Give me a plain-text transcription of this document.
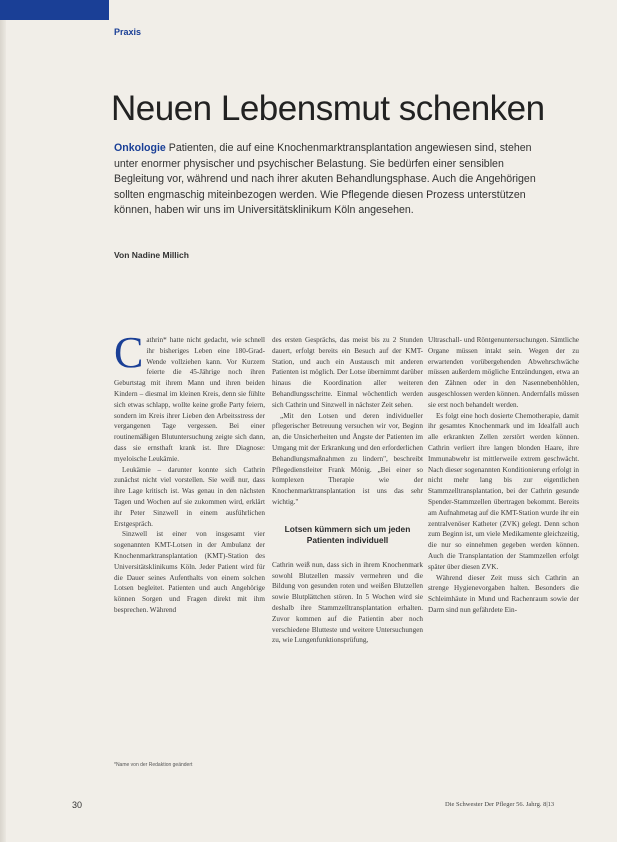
Praxis
Neuen Lebensmut schenken
Onkologie Patienten, die auf eine Knochenmarktransplantation angewiesen sind, stehen unter enormer physischer und psychischer Belastung. Sie bedürfen einer sensiblen Begleitung vor, während und nach ihrer akuten Behandlungsphase. Auch die Angehörigen sollten engmaschig miteinbezogen werden. Wie Pflegende diesen Prozess unterstützen können, haben wir uns im Universitätsklinikum Köln angesehen.
Von Nadine Millich

Cathrin* hatte nicht gedacht, wie schnell ihr bisheriges Leben eine 180-Grad-Wende vollziehen kann. Vor Kurzem feierte die 45-Jährige noch ihren Geburtstag mit ihrem Mann und ihren beiden Kindern – diesmal im kleinen Kreis, denn sie fühlte sich etwas schlapp, wollte keine große Party feiern, sondern im Kreis ihrer Lieben den Arbeitsstress der vergangenen Tage vergessen. Bei einer routinemäßigen Blutuntersuchung zeigte sich dann, dass sie ernsthaft krank ist. Ihre Diagnose: myeloische Leukämie.

Leukämie – darunter konnte sich Cathrin zunächst nicht viel vorstellen. Sie weiß nur, dass ihre Lage kritisch ist. Was genau in den nächsten Tagen und Wochen auf sie zukommen wird, erklärt ihr Peter Sinzwell in einem ausführlichen Erstgespräch.

Sinzwell ist einer von insgesamt vier sogenannten KMT-Lotsen in der Ambulanz der Knochenmarktransplantation (KMT)-Station des Universitätsklinikums Köln. Jeder Patient wird für die Dauer seines Aufenthalts von einem solchen Lotsen begleitet. Patienten und auch Angehörige können Sorgen und Fragen direkt mit ihm besprechen. Während

des ersten Gesprächs, das meist bis zu 2 Stunden dauert, erfolgt bereits ein Besuch auf der KMT-Station, und auch ein Austausch mit anderen Patienten ist möglich. Der Lotse übernimmt darüber hinaus die Koordination aller weiteren Behandlungsschritte. Einmal wöchentlich werden sich Cathrin und Sinzwell in nächster Zeit sehen.

„Mit den Lotsen und deren individueller pflegerischer Betreuung versuchen wir vor, Beginn an, die Unsicherheiten und Ängste der Patienten im Umgang mit der Erkrankung und den erforderlichen Behandlungsmaßnahmen zu lindern", beschreibt Pflegedienstleiter Frank Mönig. „Bei einer so komplexen Therapie wie der Knochenmarktransplantation ist uns das sehr wichtig."

Lotsen kümmern sich um jeden Patienten individuell

Cathrin weiß nun, dass sich in ihrem Knochenmark sowohl Blutzellen massiv vermehren und die Bildung von gesunden roten und weißen Blutzellen sowie Blutplättchen stören. In 5 Wochen wird sie deshalb ihre Stammzelltransplantation erhalten. Zuvor kommen auf die Patientin aber noch verschiedene Blutteste und weitere Untersuchungen zu, wie Lungenfunktionsprüfung,

Ultraschall- und Röntgenuntersuchungen. Sämtliche Organe müssen intakt sein. Wegen der zu erwartenden vorübergehenden Abwehrschwäche müssen außerdem mögliche Entzündungen, etwa an den Zähnen oder in den Nasennebenhöhlen, ausgeschlossen werden können. Andernfalls müssen sie erst noch behandelt werden.

Es folgt eine hoch dosierte Chemotherapie, damit ihr gesamtes Knochenmark und im Idealfall auch alle erkrankten Zellen zerstört werden können. Cathrin verliert ihre langen blonden Haare, ihre Immunabwehr ist mittlerweile extrem geschwächt. Nach dieser sogenannten Konditionierung erfolgt in nicht mehr lang bis zur eigentlichen Stammzelltransplantation, bei der Cathrin gesunde Spender-Stammzellen übertragen bekommt. Bereits am Aufnahmetag auf die KMT-Station wurde ihr ein zentralvenöser Katheter (ZVK) gelegt. Denn schon zum Beginn ist, um viele Medikamente gleichzeitig, die nur so einnehmen gegeben werden können. Auch die Transplantation der Stammzellen erfolgt später über diesen ZVK.

Während dieser Zeit muss sich Cathrin an strenge Hygienevorgaben halten. Besonders die Schleimhäute in Mund und Rachenraum sowie der Darm sind nun gefährdete Ein-

*Name von der Redaktion geändert
30	Die Schwester Der Pfleger 56. Jahrg. 8|13
